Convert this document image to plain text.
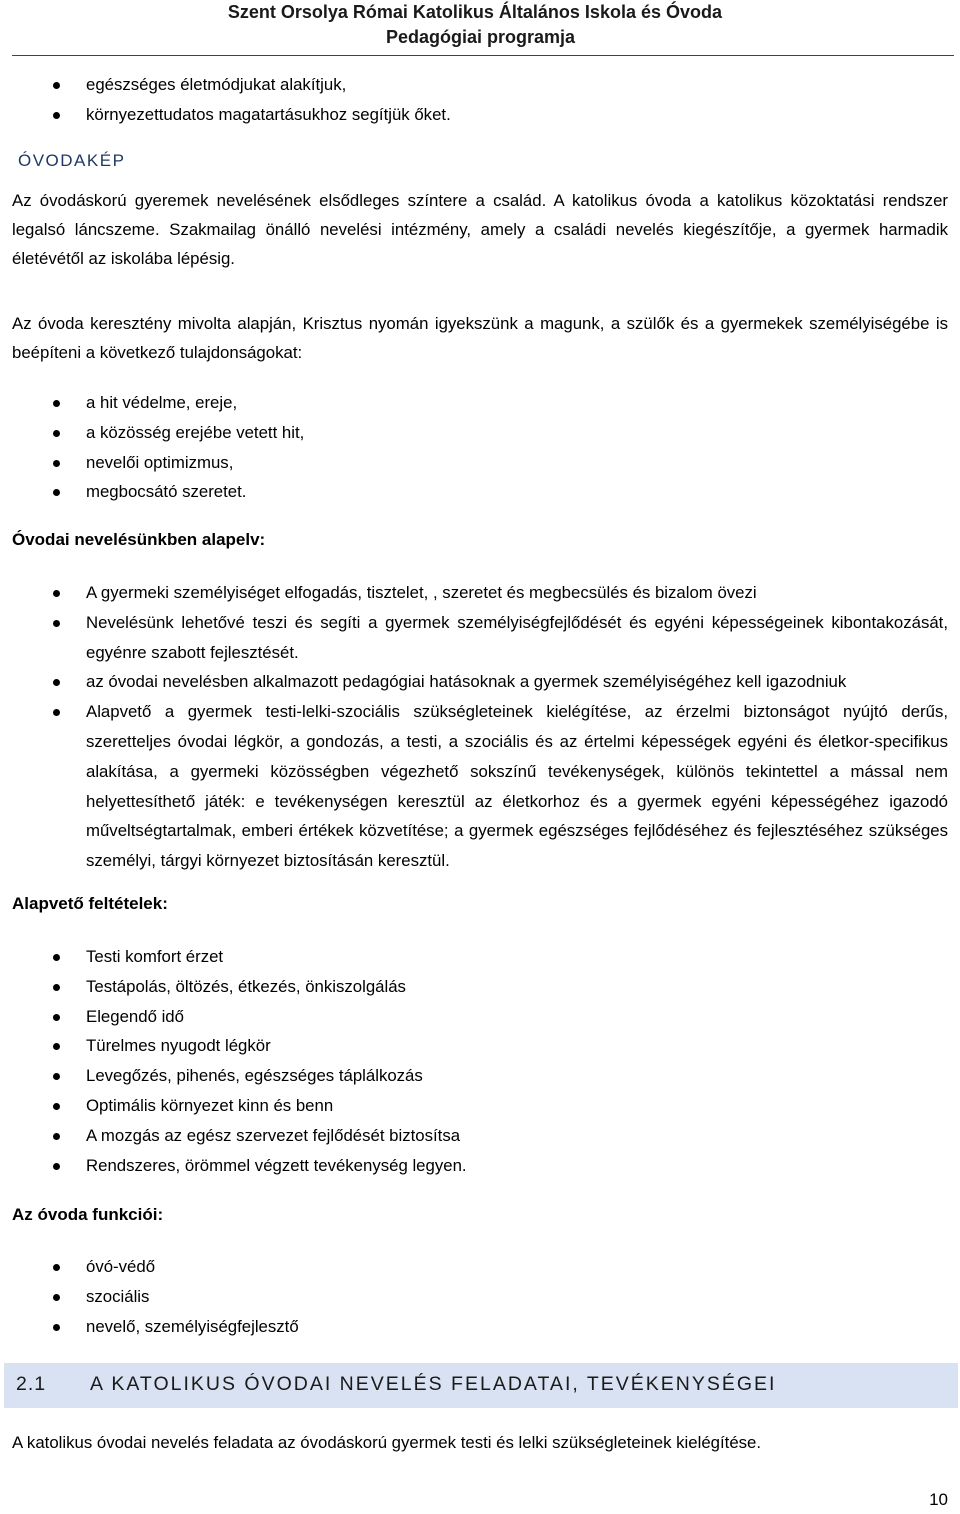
Szent Orsolya Római Katolikus Általános Iskola és Óvoda
Pedagógiai programja
egészséges életmódjukat alakítjuk,
környezettudatos magatartásukhoz segítjük őket.
ÓVODAKÉP

Az óvodáskorú gyeremek nevelésének elsődleges színtere a család. A katolikus óvoda a katolikus közoktatási rendszer legalsó láncszeme. Szakmailag önálló nevelési intézmény, amely a családi nevelés kiegészítője, a gyermek harmadik életévétől az iskolába lépésig.

Az óvoda keresztény mivolta alapján, Krisztus nyomán igyekszünk a magunk, a szülők és a gyermekek személyiségébe is beépíteni a következő tulajdonságokat:

a hit védelme, ereje,
a közösség erejébe vetett hit,
nevelői optimizmus,
megbocsátó szeretet.
Óvodai nevelésünkben alapelv:
A gyermeki személyiséget elfogadás, tisztelet, , szeretet és megbecsülés és bizalom övezi
Nevelésünk lehetővé teszi és segíti a gyermek személyiségfejlődését és egyéni képességeinek kibontakozását, egyénre szabott fejlesztését.
az óvodai nevelésben alkalmazott pedagógiai hatásoknak a gyermek személyiségéhez kell igazodniuk
Alapvető a gyermek testi-lelki-szociális szükségleteinek kielégítése, az érzelmi biztonságot nyújtó derűs, szeretteljes óvodai légkör, a gondozás, a testi, a szociális és az értelmi képességek egyéni és életkor-specifikus alakítása, a gyermeki közösségben végezhető sokszínű tevékenységek, különös tekintettel a mással nem helyettesíthető játék: e tevékenységen keresztül az életkorhoz és a gyermek egyéni képességéhez igazodó műveltségtartalmak, emberi értékek közvetítése; a gyermek egészséges fejlődéséhez és fejlesztéséhez szükséges személyi, tárgyi környezet biztosításán keresztül.
Alapvető feltételek:
Testi komfort érzet
Testápolás, öltözés, étkezés, önkiszolgálás
Elegendő idő
Türelmes nyugodt légkör
Levegőzés, pihenés, egészséges táplálkozás
Optimális környezet kinn és benn
A mozgás az egész szervezet fejlődését biztosítsa
Rendszeres, örömmel végzett tevékenység legyen.
Az óvoda funkciói:
óvó-védő
szociális
nevelő, személyiségfejlesztő
2.1 A KATOLIKUS ÓVODAI NEVELÉS FELADATAI, TEVÉKENYSÉGEI

A katolikus óvodai nevelés feladata az óvodáskorú gyermek testi és lelki szükségleteinek kielégítése.

10
